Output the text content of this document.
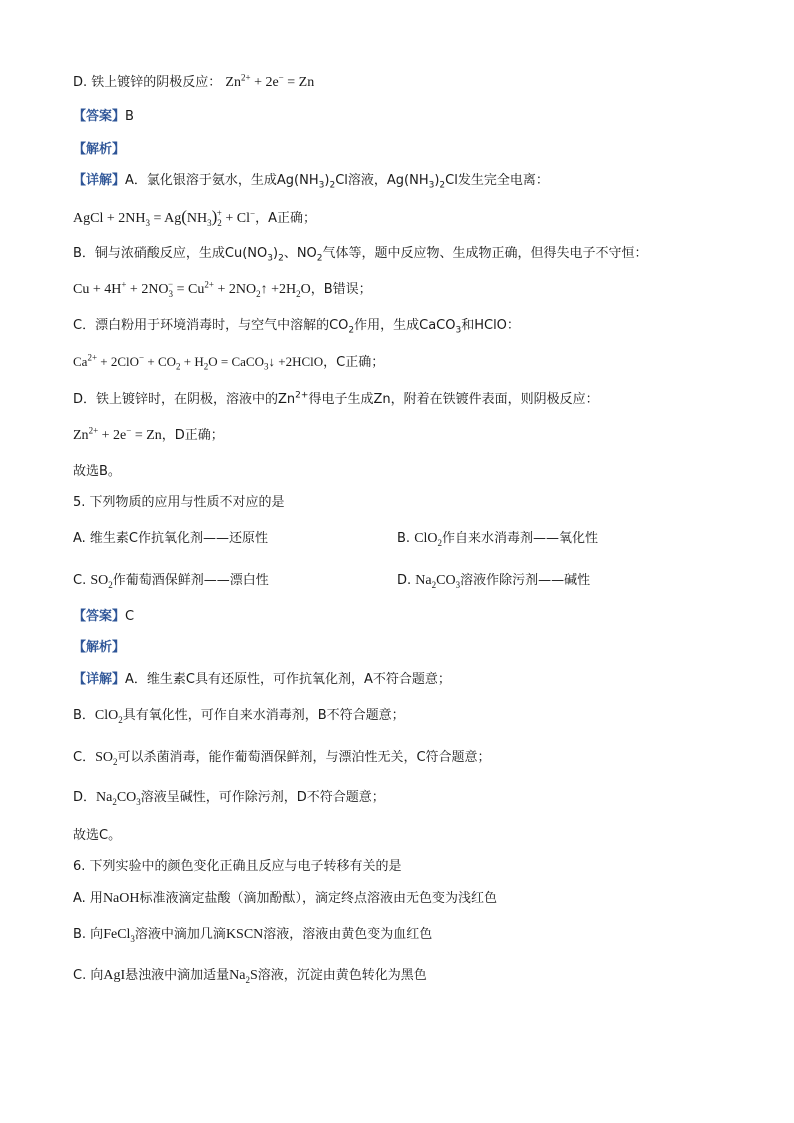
D. 铁上镀锌的阴极反应： $Zn^{2+} + 2e^- = Zn$
【答案】B
【解析】
【详解】A．氯化银溶于氨水，生成$Ag(NH_3)_2Cl$溶液，$Ag(NH_3)_2Cl$发生完全电离：
AgCl + $2NH_3 = Ag(NH_3)_2^+ + Cl^-$，A正确；
B．铜与浓硝酸反应，生成$Cu(NO_3)_2$、$NO_2$气体等，题中反应物、生成物正确，但得失电子不守恒：
$Cu + 4H^+ + 2NO_3^- = Cu^{2+}$ + $2NO_2↑ +2H_2O$，B错误；
C．漂白粉用于环境消毒时，与空气中溶解的$CO_2$作用，生成CaCO$_3$和HClO：
$Ca^{2+} + 2ClO^- + CO_2 + H_2O$ = CaCO$_3$↓ +2HClO，C正确；
D．铁上镀锌时，在阴极，溶液中的$Zn^{2+}$得电子生成Zn，附着在铁镀件表面，则阴极反应：
$Zn^{2+} + 2e^- = Zn$，D正确；
故选B。
5. 下列物质的应用与性质不对应的是
A. 维生素C作抗氧化剂——还原性	B. ClO$_2$作自来水消毒剂——氧化性
C. $SO_2$作葡萄酒保鲜剂——漂白性	D. $Na_2CO_3$溶液作除污剂——碱性
【答案】C
【解析】
【详解】A．维生素C具有还原性，可作抗氧化剂，A不符合题意；
B．ClO$_2$具有氧化性，可作自来水消毒剂，B不符合题意；
C．$SO_2$可以杀菌消毒，能作葡萄酒保鲜剂，与漂泊性无关，C符合题意；
D．$Na_2CO_3$溶液呈碱性，可作除污剂，D不符合题意；
故选C。
6. 下列实验中的颜色变化正确且反应与电子转移有关的是
A. 用NaOH标准液滴定盐酸（滴加酚酞），滴定终点溶液由无色变为浅红色
B. 向FeCl$_3$溶液中滴加几滴KSCN溶液，溶液由黄色变为血红色
C. 向AgI悬浊液中滴加适量$Na_2S$溶液，沉淀由黄色转化为黑色
